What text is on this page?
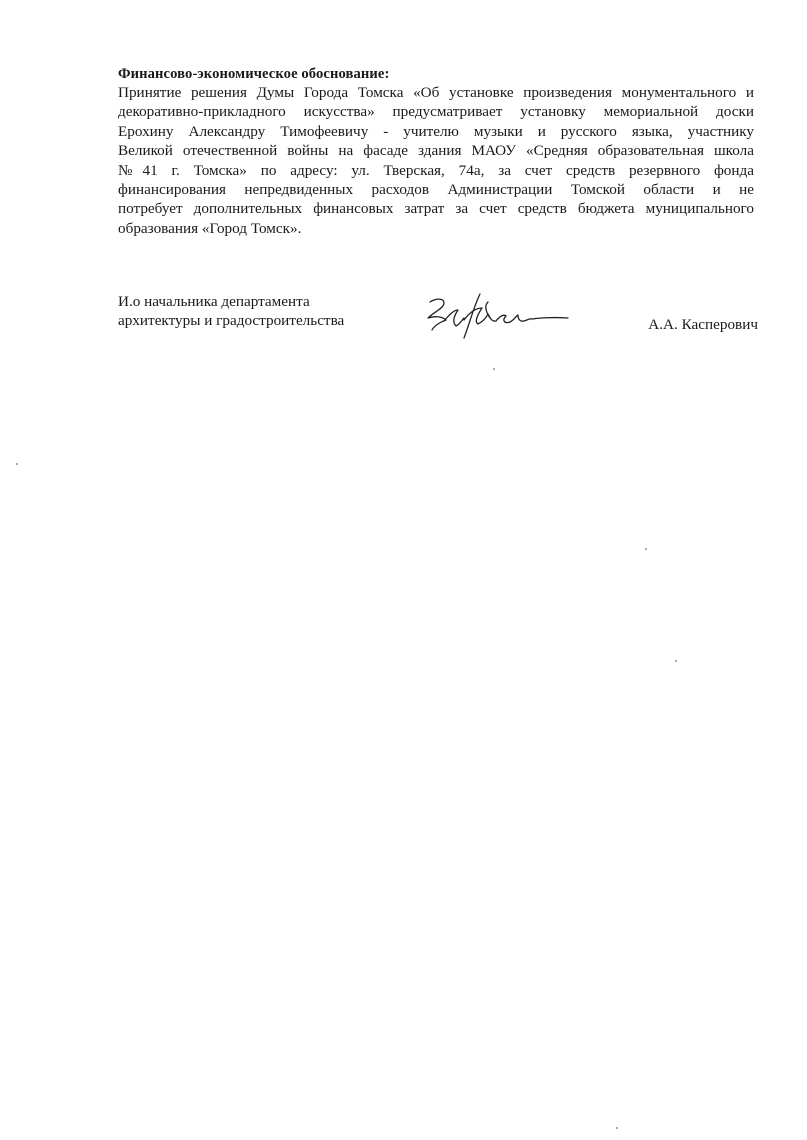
Финансово-экономическое обоснование:

Принятие решения Думы Города Томска «Об установке произведения монументального и
декоративно-прикладного искусства» предусматривает установку мемориальной доски
Ерохину Александру Тимофеевичу - учителю музыки и русского языка, участнику
Великой отечественной войны на фасаде здания МАОУ «Средняя образовательная школа
№41 г. Томска» по адресу: ул. Тверская, 74а, за счет средств резервного фонда
финансирования непредвиденных расходов Администрации Томской области и не
потребует дополнительных финансовых затрат за счет средств бюджета муниципального
образования «Город Томск».

И.о начальника департамента
архитектуры и градостроительства	А.А. Касперович
